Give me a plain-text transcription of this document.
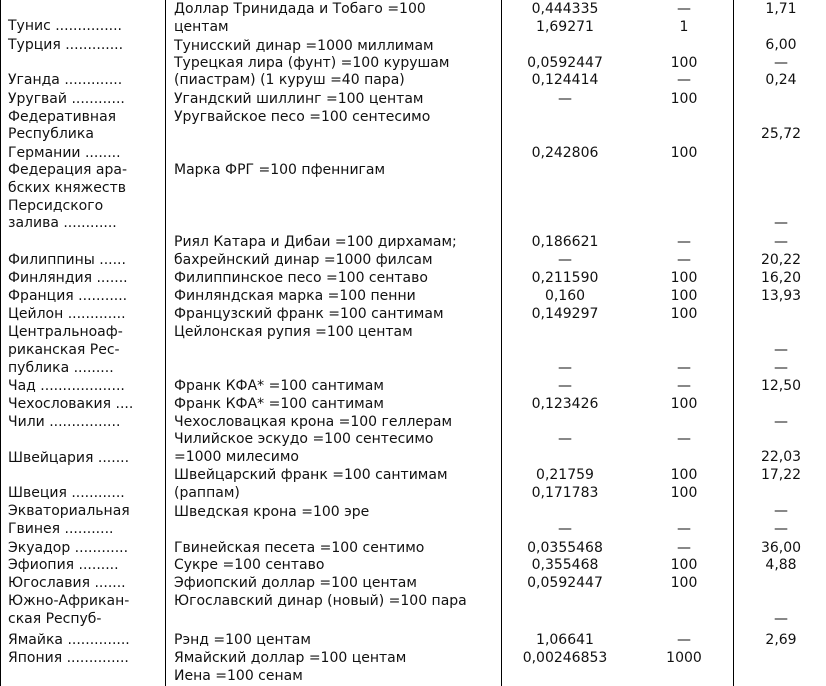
Тунис ...............
Турция .............
Уганда .............
Уругвай ............
Федеративная
Республика
Германии ........
Федерация ара-
бских княжеств
Персидского
залива ............
Филиппины ......
Финляндия .......
Франция ...........
Цейлон .............
Центральноаф-
риканская Рес-
публика .........
Чад ...................
Чехословакия ....
Чили ................
Швейцария .......
Швеция ............
Экваториальная
Гвинея ...........
Экуадор ............
Эфиопия .........
Югославия .......
Южно-Африкан-
ская Респуб-
Ямайка ..............
Япония ..............
Доллар Тринидада и Тобаго =100
центам
Тунисский динар =1000 миллимам
Турецкая лира (фунт) =100 курушам
(пиастрам) (1 куруш =40 пара)
Угандский шиллинг =100 центам
Уругвайское песо =100 сентесимо
Марка ФРГ =100 пфеннигам
Риял Катара и Дибаи =100 дирхамам;
бахрейнский динар =1000 филсам
Филиппинское песо =100 сентаво
Финляндская марка =100 пенни
Французский франк =100 сантимам
Цейлонская рупия =100 центам
Франк КФА* =100 сантимам
Франк КФА* =100 сантимам
Чехословацкая крона =100 геллерам
Чилийское эскудо =100 сентесимо
=1000 милесимо
Швейцарский франк =100 сантимам
(раппам)
Шведская крона =100 эре
Гвинейская песета =100 сентимо
Сукре =100 сентаво
Эфиопский доллар =100 центам
Югославский динар (новый) =100 пара
Рэнд =100 центам
Ямайский доллар =100 центам
Иена =100 сенам
0,444335
1,69271
0,0592447
0,124414
—
0,242806
0,186621
—
0,211590
0,160
0,149297
—
—
0,123426
—
0,21759
0,171783
—
0,0355468
0,355468
0,0592447
1,06641
0,00246853
—
1
100
—
100
100
—
—
100
100
100
—
—
100
—
100
100
—
—
100
100
—
1000
1,71
6,00
—
0,24
25,72
—
—
20,22
16,20
13,93
—
—
12,50
—
22,03
17,22
—
—
36,00
4,88
—
2,69
